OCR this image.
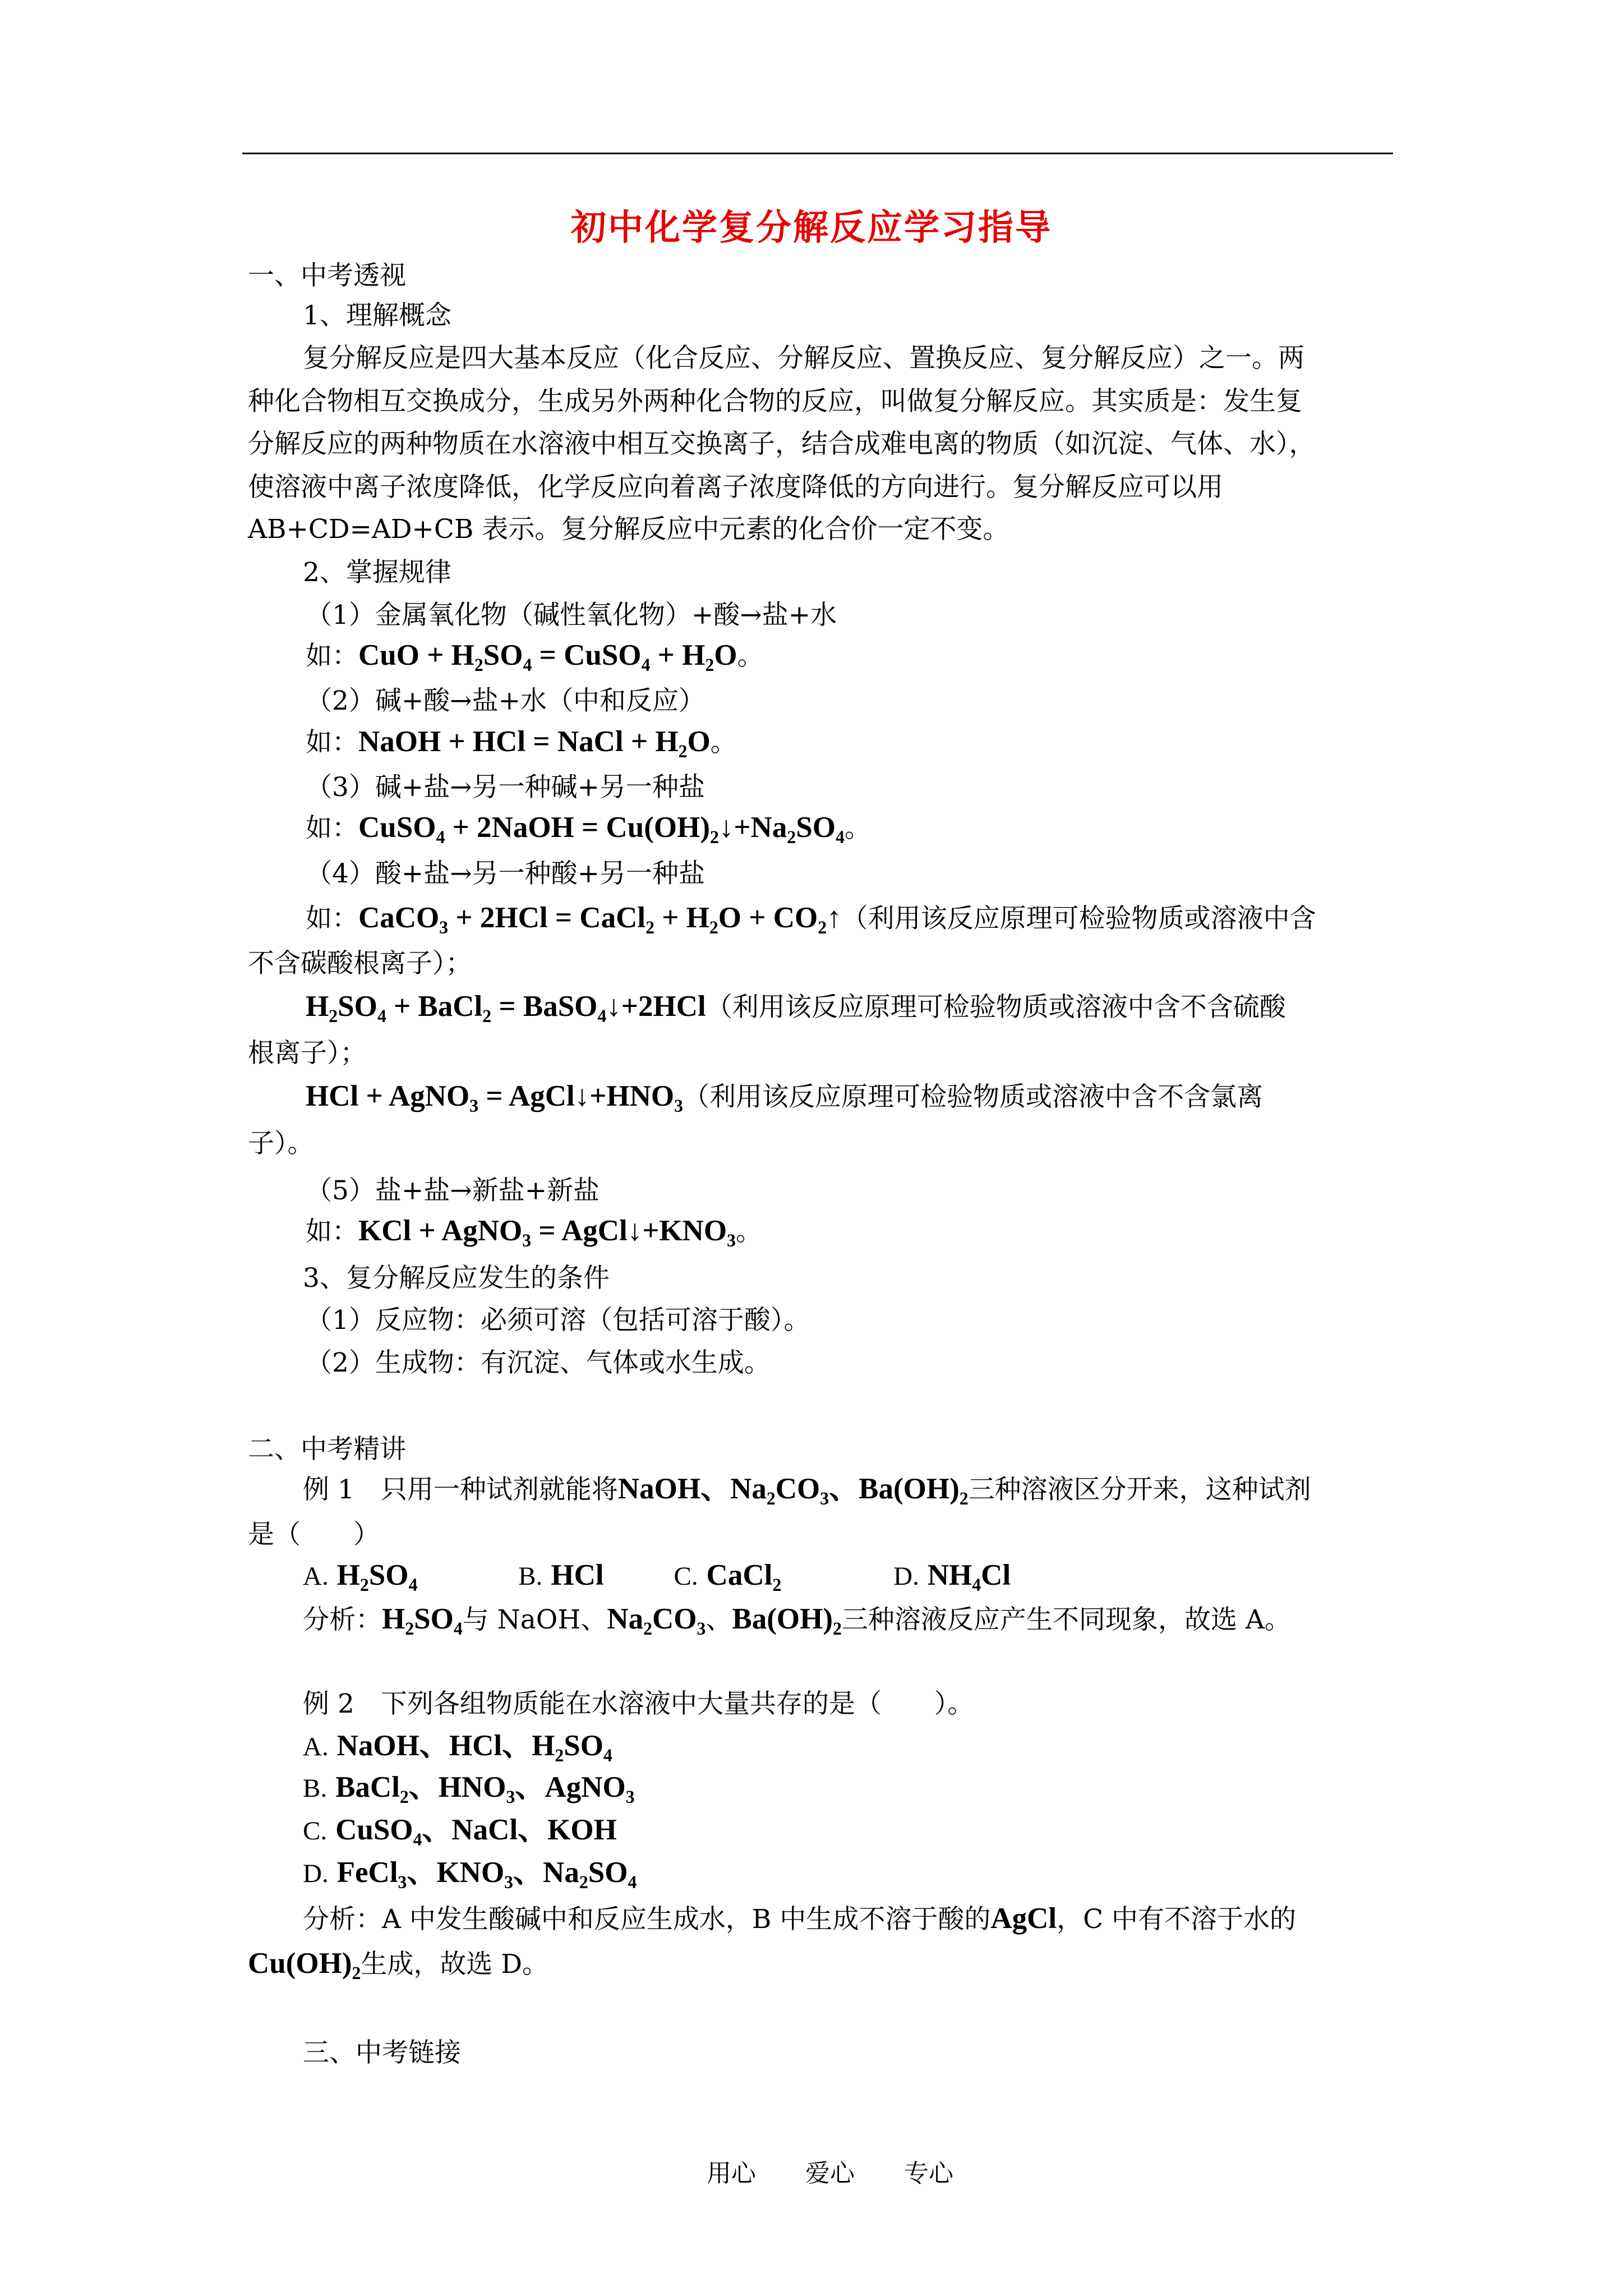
初中化学复分解反应学习指导
一、中考透视
1、理解概念
复分解反应是四大基本反应（化合反应、分解反应、置换反应、复分解反应）之一。两
种化合物相互交换成分，生成另外两种化合物的反应，叫做复分解反应。其实质是：发生复
分解反应的两种物质在水溶液中相互交换离子，结合成难电离的物质（如沉淀、气体、水），
使溶液中离子浓度降低，化学反应向着离子浓度降低的方向进行。复分解反应可以用
AB+CD=AD+CB 表示。复分解反应中元素的化合价一定不变。
2、掌握规律
（1）金属氧化物（碱性氧化物）+酸→盐+水
如：CuO + H₂SO₄ = CuSO₄ + H₂O。
（2）碱+酸→盐+水（中和反应）
如：NaOH + HCl = NaCl + H₂O。
（3）碱+盐→另一种碱+另一种盐
如：CuSO₄ + 2NaOH = Cu(OH)₂↓+Na₂SO₄。
（4）酸+盐→另一种酸+另一种盐
如：CaCO₃ + 2HCl = CaCl₂ + H₂O + CO₂↑（利用该反应原理可检验物质或溶液中含
不含碳酸根离子）；
H₂SO₄ + BaCl₂ = BaSO₄↓+2HCl（利用该反应原理可检验物质或溶液中含不含硫酸
根离子）；
HCl + AgNO₃ = AgCl↓+HNO₃（利用该反应原理可检验物质或溶液中含不含氯离
子）。
（5）盐+盐→新盐+新盐
如：KCl + AgNO₃ = AgCl↓+KNO₃。
3、复分解反应发生的条件
（1）反应物：必须可溶（包括可溶于酸）。
（2）生成物：有沉淀、气体或水生成。
二、中考精讲
例 1　只用一种试剂就能将NaOH、Na₂CO₃、Ba(OH)₂三种溶液区分开来，这种试剂
是（　　）
A. H₂SO₄	B. HCl	C. CaCl₂	D. NH₄Cl
分析：H₂SO₄与 NaOH、Na₂CO₃、Ba(OH)₂三种溶液反应产生不同现象，故选 A。
例 2　下列各组物质能在水溶液中大量共存的是（　　）。
A. NaOH、HCl、H₂SO₄
B. BaCl₂、HNO₃、AgNO₃
C. CuSO₄、NaCl、KOH
D. FeCl₃、KNO₃、Na₂SO₄
分析：A 中发生酸碱中和反应生成水，B 中生成不溶于酸的AgCl，C 中有不溶于水的
Cu(OH)₂生成，故选 D。
三、中考链接
用心　　爱心　　专心
